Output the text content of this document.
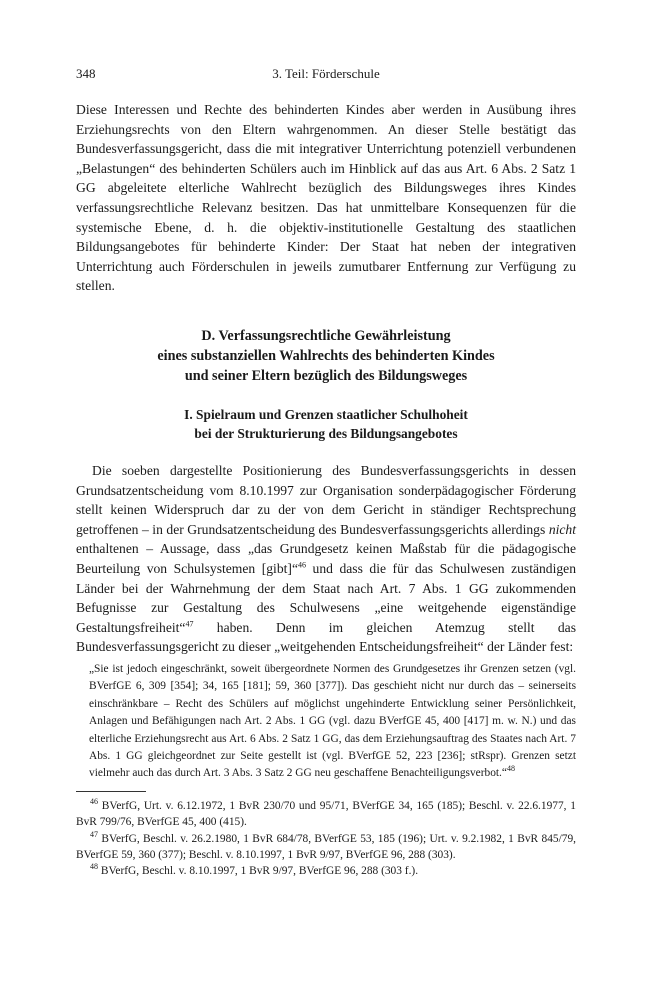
348	3. Teil: Förderschule

Diese Interessen und Rechte des behinderten Kindes aber werden in Ausübung ihres Erziehungsrechts von den Eltern wahrgenommen. An dieser Stelle bestätigt das Bundesverfassungsgericht, dass die mit integrativer Unterrichtung potenziell verbundenen „Belastungen“ des behinderten Schülers auch im Hinblick auf das aus Art. 6 Abs. 2 Satz 1 GG abgeleitete elterliche Wahlrecht bezüglich des Bildungsweges ihres Kindes verfassungsrechtliche Relevanz besitzen. Das hat unmittelbare Konsequenzen für die systemische Ebene, d. h. die objektiv-institutionelle Gestaltung des staatlichen Bildungsangebotes für behinderte Kinder: Der Staat hat neben der integrativen Unterrichtung auch Förderschulen in jeweils zumutbarer Entfernung zur Verfügung zu stellen.

D. Verfassungsrechtliche Gewährleistung
eines substanziellen Wahlrechts des behinderten Kindes
und seiner Eltern bezüglich des Bildungsweges
I. Spielraum und Grenzen staatlicher Schulhoheit
bei der Strukturierung des Bildungsangebotes

Die soeben dargestellte Positionierung des Bundesverfassungsgerichts in dessen Grundsatzentscheidung vom 8.10.1997 zur Organisation sonderpädagogischer Förderung stellt keinen Widerspruch dar zu der von dem Gericht in ständiger Rechtsprechung getroffenen – in der Grundsatzentscheidung des Bundesverfassungsgerichts allerdings nicht enthaltenen – Aussage, dass „das Grundgesetz keinen Maßstab für die pädagogische Beurteilung von Schulsystemen [gibt]“$^{46}$ und dass die für das Schulwesen zuständigen Länder bei der Wahrnehmung der dem Staat nach Art. 7 Abs. 1 GG zukommenden Befugnisse zur Gestaltung des Schulwesens „eine weitgehende eigenständige Gestaltungsfreiheit“$^{47}$ haben. Denn im gleichen Atemzug stellt das Bundesverfassungsgericht zu dieser „weitgehenden Entscheidungsfreiheit“ der Länder fest:

„Sie ist jedoch eingeschränkt, soweit übergeordnete Normen des Grundgesetzes ihr Grenzen setzen (vgl. BVerfGE 6, 309 [354]; 34, 165 [181]; 59, 360 [377]). Das geschieht nicht nur durch das – seinerseits einschränkbare – Recht des Schülers auf möglichst ungehinderte Entwicklung seiner Persönlichkeit, Anlagen und Befähigungen nach Art. 2 Abs. 1 GG (vgl. dazu BVerfGE 45, 400 [417] m. w. N.) und das elterliche Erziehungsrecht aus Art. 6 Abs. 2 Satz 1 GG, das dem Erziehungsauftrag des Staates nach Art. 7 Abs. 1 GG gleichgeordnet zur Seite gestellt ist (vgl. BVerfGE 52, 223 [236]; stRspr). Grenzen setzt vielmehr auch das durch Art. 3 Abs. 3 Satz 2 GG neu geschaffene Benachteiligungsverbot.“$^{48}$

$^{46}$ BVerfG, Urt. v. 6.12.1972, 1 BvR 230/70 und 95/71, BVerfGE 34, 165 (185); Beschl. v. 22.6.1977, 1 BvR 799/76, BVerfGE 45, 400 (415).

$^{47}$ BVerfG, Beschl. v. 26.2.1980, 1 BvR 684/78, BVerfGE 53, 185 (196); Urt. v. 9.2.1982, 1 BvR 845/79, BVerfGE 59, 360 (377); Beschl. v. 8.10.1997, 1 BvR 9/97, BVerfGE 96, 288 (303).

$^{48}$ BVerfG, Beschl. v. 8.10.1997, 1 BvR 9/97, BVerfGE 96, 288 (303 f.).
